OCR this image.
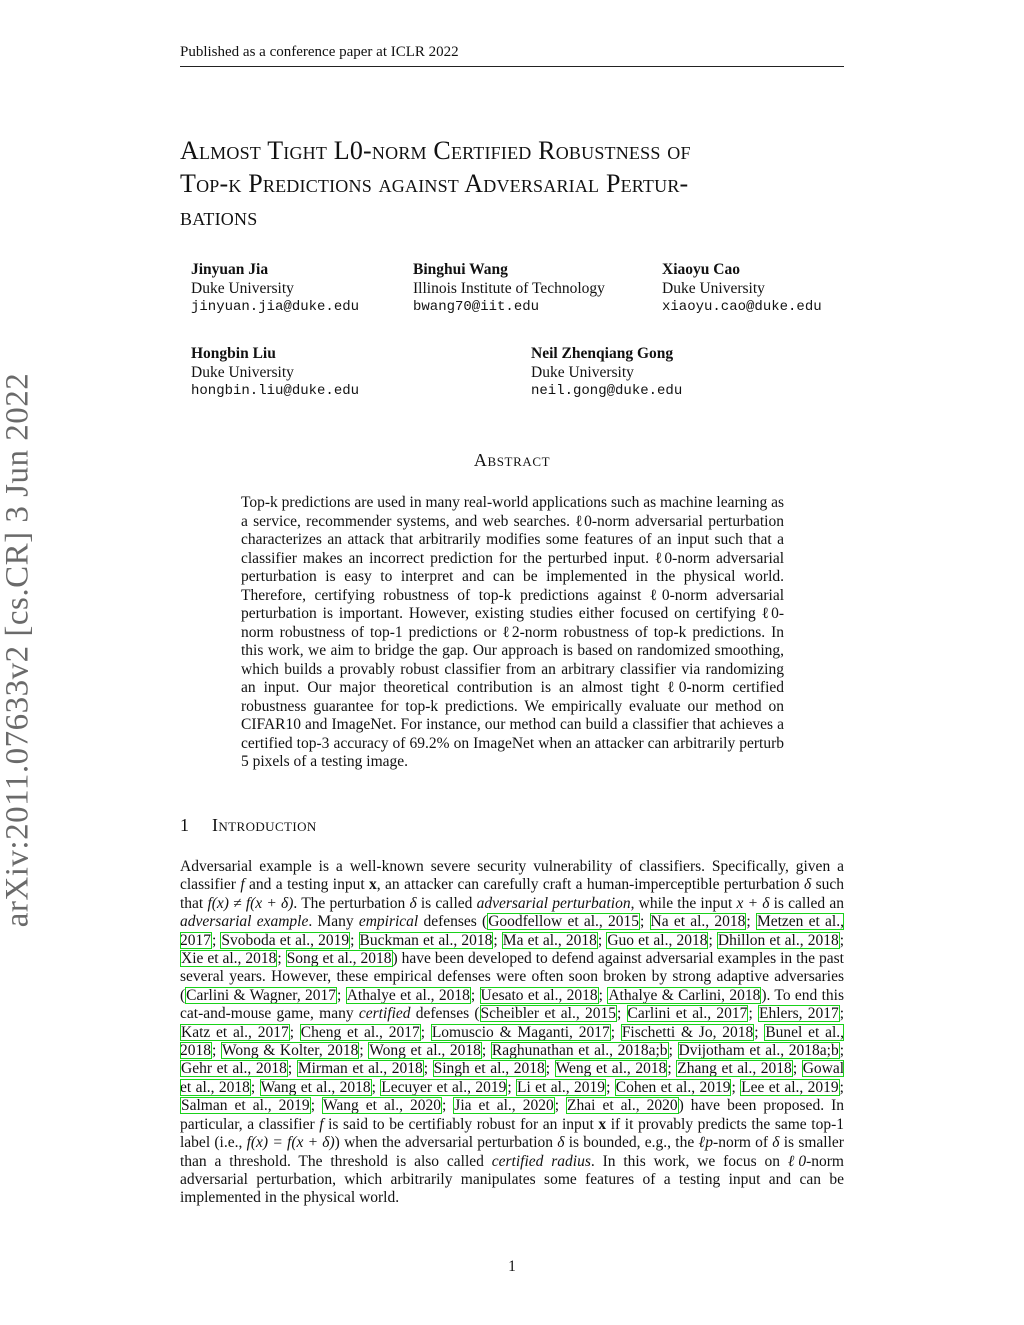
Published as a conference paper at ICLR 2022
arXiv:2011.07633v2 [cs.CR] 3 Jun 2022
Almost Tight L0-norm Certified Robustness of
Top-k Predictions against Adversarial Pertur-
bations
Jinyuan Jia
Duke University
jinyuan.jia@duke.edu
Binghui Wang
Illinois Institute of Technology
bwang70@iit.edu
Xiaoyu Cao
Duke University
xiaoyu.cao@duke.edu
Hongbin Liu
Duke University
hongbin.liu@duke.edu
Neil Zhenqiang Gong
Duke University
neil.gong@duke.edu
Abstract
Top-k predictions are used in many real-world applications such as machine learning as a service, recommender systems, and web searches. ℓ0-norm adversarial perturbation characterizes an attack that arbitrarily modifies some features of an input such that a classifier makes an incorrect prediction for the perturbed input. ℓ0-norm adversarial perturbation is easy to interpret and can be implemented in the physical world. Therefore, certifying robustness of top-k predictions against ℓ0-norm adversarial perturbation is important. However, existing studies either focused on certifying ℓ0-norm robustness of top-1 predictions or ℓ2-norm robustness of top-k predictions. In this work, we aim to bridge the gap. Our approach is based on randomized smoothing, which builds a provably robust classifier from an arbitrary classifier via randomizing an input. Our major theoretical contribution is an almost tight ℓ0-norm certified robustness guarantee for top-k predictions. We empirically evaluate our method on CIFAR10 and ImageNet. For instance, our method can build a classifier that achieves a certified top-3 accuracy of 69.2% on ImageNet when an attacker can arbitrarily perturb 5 pixels of a testing image.
1 Introduction
Adversarial example is a well-known severe security vulnerability of classifiers. Specifically, given a classifier f and a testing input x, an attacker can carefully craft a human-imperceptible perturbation δ such that f(x) ≠ f(x + δ). The perturbation δ is called adversarial perturbation, while the input x + δ is called an adversarial example. Many empirical defenses (Goodfellow et al., 2015; Na et al., 2018; Metzen et al., 2017; Svoboda et al., 2019; Buckman et al., 2018; Ma et al., 2018; Guo et al., 2018; Dhillon et al., 2018; Xie et al., 2018; Song et al., 2018) have been developed to defend against adversarial examples in the past several years. However, these empirical defenses were often soon broken by strong adaptive adversaries (Carlini & Wagner, 2017; Athalye et al., 2018; Uesato et al., 2018; Athalye & Carlini, 2018). To end this cat-and-mouse game, many certified defenses (Scheibler et al., 2015; Carlini et al., 2017; Ehlers, 2017; Katz et al., 2017; Cheng et al., 2017; Lomuscio & Maganti, 2017; Fischetti & Jo, 2018; Bunel et al., 2018; Wong & Kolter, 2018; Wong et al., 2018; Raghunathan et al., 2018a;b; Dvijotham et al., 2018a;b; Gehr et al., 2018; Mirman et al., 2018; Singh et al., 2018; Weng et al., 2018; Zhang et al., 2018; Gowal et al., 2018; Wang et al., 2018; Lecuyer et al., 2019; Li et al., 2019; Cohen et al., 2019; Lee et al., 2019; Salman et al., 2019; Wang et al., 2020; Jia et al., 2020; Zhai et al., 2020) have been proposed. In particular, a classifier f is said to be certifiably robust for an input x if it provably predicts the same top-1 label (i.e., f(x) = f(x + δ)) when the adversarial perturbation δ is bounded, e.g., the ℓp-norm of δ is smaller than a threshold. The threshold is also called certified radius. In this work, we focus on ℓ0-norm adversarial perturbation, which arbitrarily manipulates some features of a testing input and can be implemented in the physical world.
1
